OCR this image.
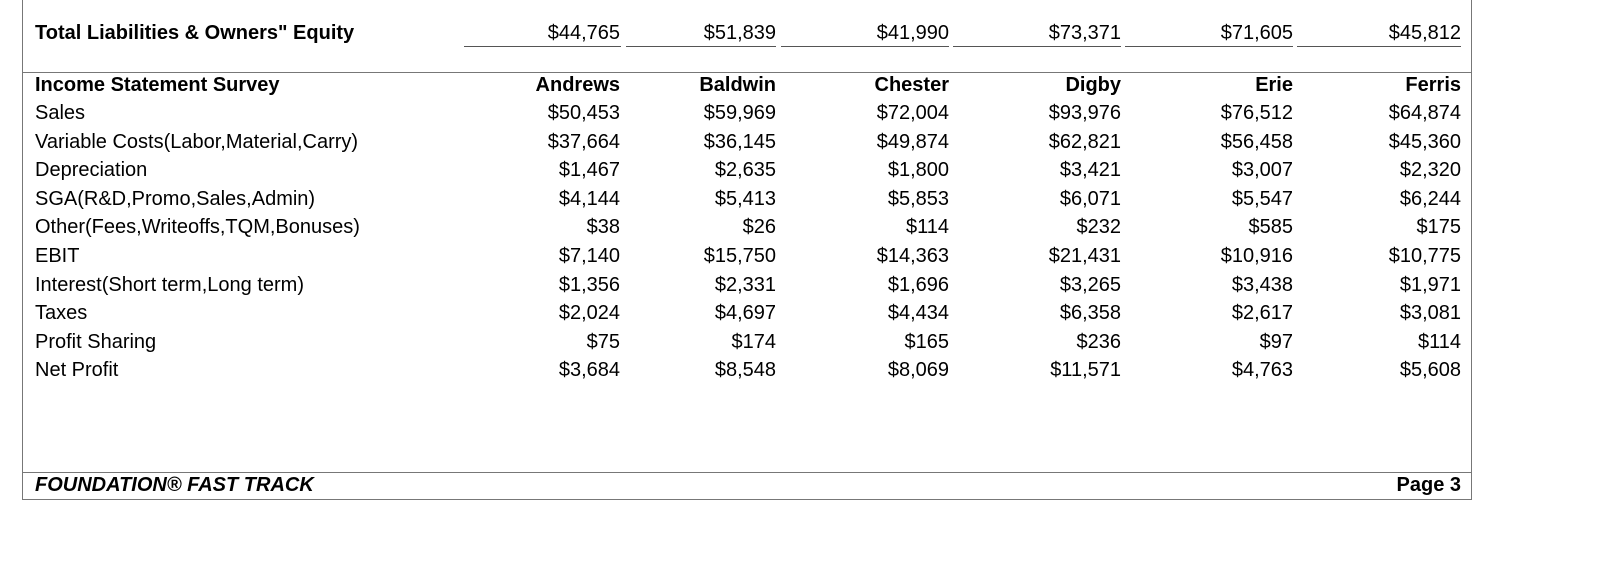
Total Liabilities & Owners" Equity	$44,765	$51,839	$41,990	$73,371	$71,605	$45,812
Income Statement Survey	Andrews	Baldwin	Chester	Digby	Erie	Ferris
Sales	$50,453	$59,969	$72,004	$93,976	$76,512	$64,874
Variable Costs(Labor,Material,Carry)	$37,664	$36,145	$49,874	$62,821	$56,458	$45,360
Depreciation	$1,467	$2,635	$1,800	$3,421	$3,007	$2,320
SGA(R&D,Promo,Sales,Admin)	$4,144	$5,413	$5,853	$6,071	$5,547	$6,244
Other(Fees,Writeoffs,TQM,Bonuses)	$38	$26	$114	$232	$585	$175
EBIT	$7,140	$15,750	$14,363	$21,431	$10,916	$10,775
Interest(Short term,Long term)	$1,356	$2,331	$1,696	$3,265	$3,438	$1,971
Taxes	$2,024	$4,697	$4,434	$6,358	$2,617	$3,081
Profit Sharing	$75	$174	$165	$236	$97	$114
Net Profit	$3,684	$8,548	$8,069	$11,571	$4,763	$5,608
FOUNDATION® FAST TRACK	Page 3
